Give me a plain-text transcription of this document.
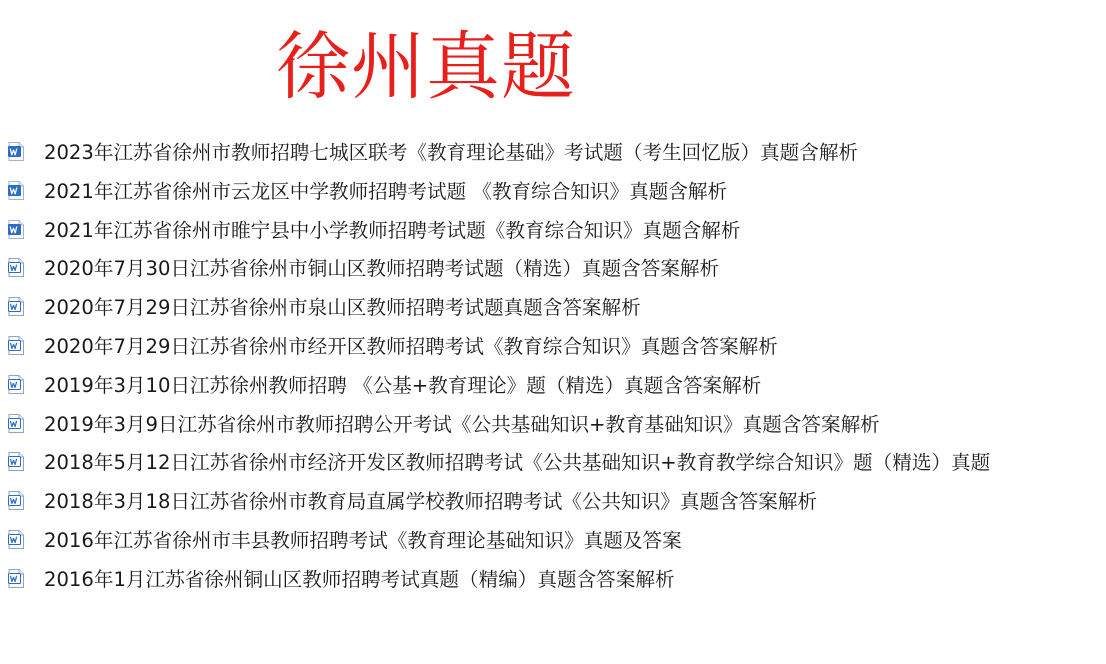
徐州真题
2023年江苏省徐州市教师招聘七城区联考《教育理论基础》考试题（考生回忆版）真题含解析
2021年江苏省徐州市云龙区中学教师招聘考试题 《教育综合知识》真题含解析
2021年江苏省徐州市睢宁县中小学教师招聘考试题《教育综合知识》真题含解析
2020年7月30日江苏省徐州市铜山区教师招聘考试题（精选）真题含答案解析
2020年7月29日江苏省徐州市泉山区教师招聘考试题真题含答案解析
2020年7月29日江苏省徐州市经开区教师招聘考试《教育综合知识》真题含答案解析
2019年3月10日江苏徐州教师招聘 《公基+教育理论》题（精选）真题含答案解析
2019年3月9日江苏省徐州市教师招聘公开考试《公共基础知识+教育基础知识》真题含答案解析
2018年5月12日江苏省徐州市经济开发区教师招聘考试《公共基础知识+教育教学综合知识》题（精选）真题
2018年3月18日江苏省徐州市教育局直属学校教师招聘考试《公共知识》真题含答案解析
2016年江苏省徐州市丰县教师招聘考试《教育理论基础知识》真题及答案
2016年1月江苏省徐州铜山区教师招聘考试真题（精编）真题含答案解析
